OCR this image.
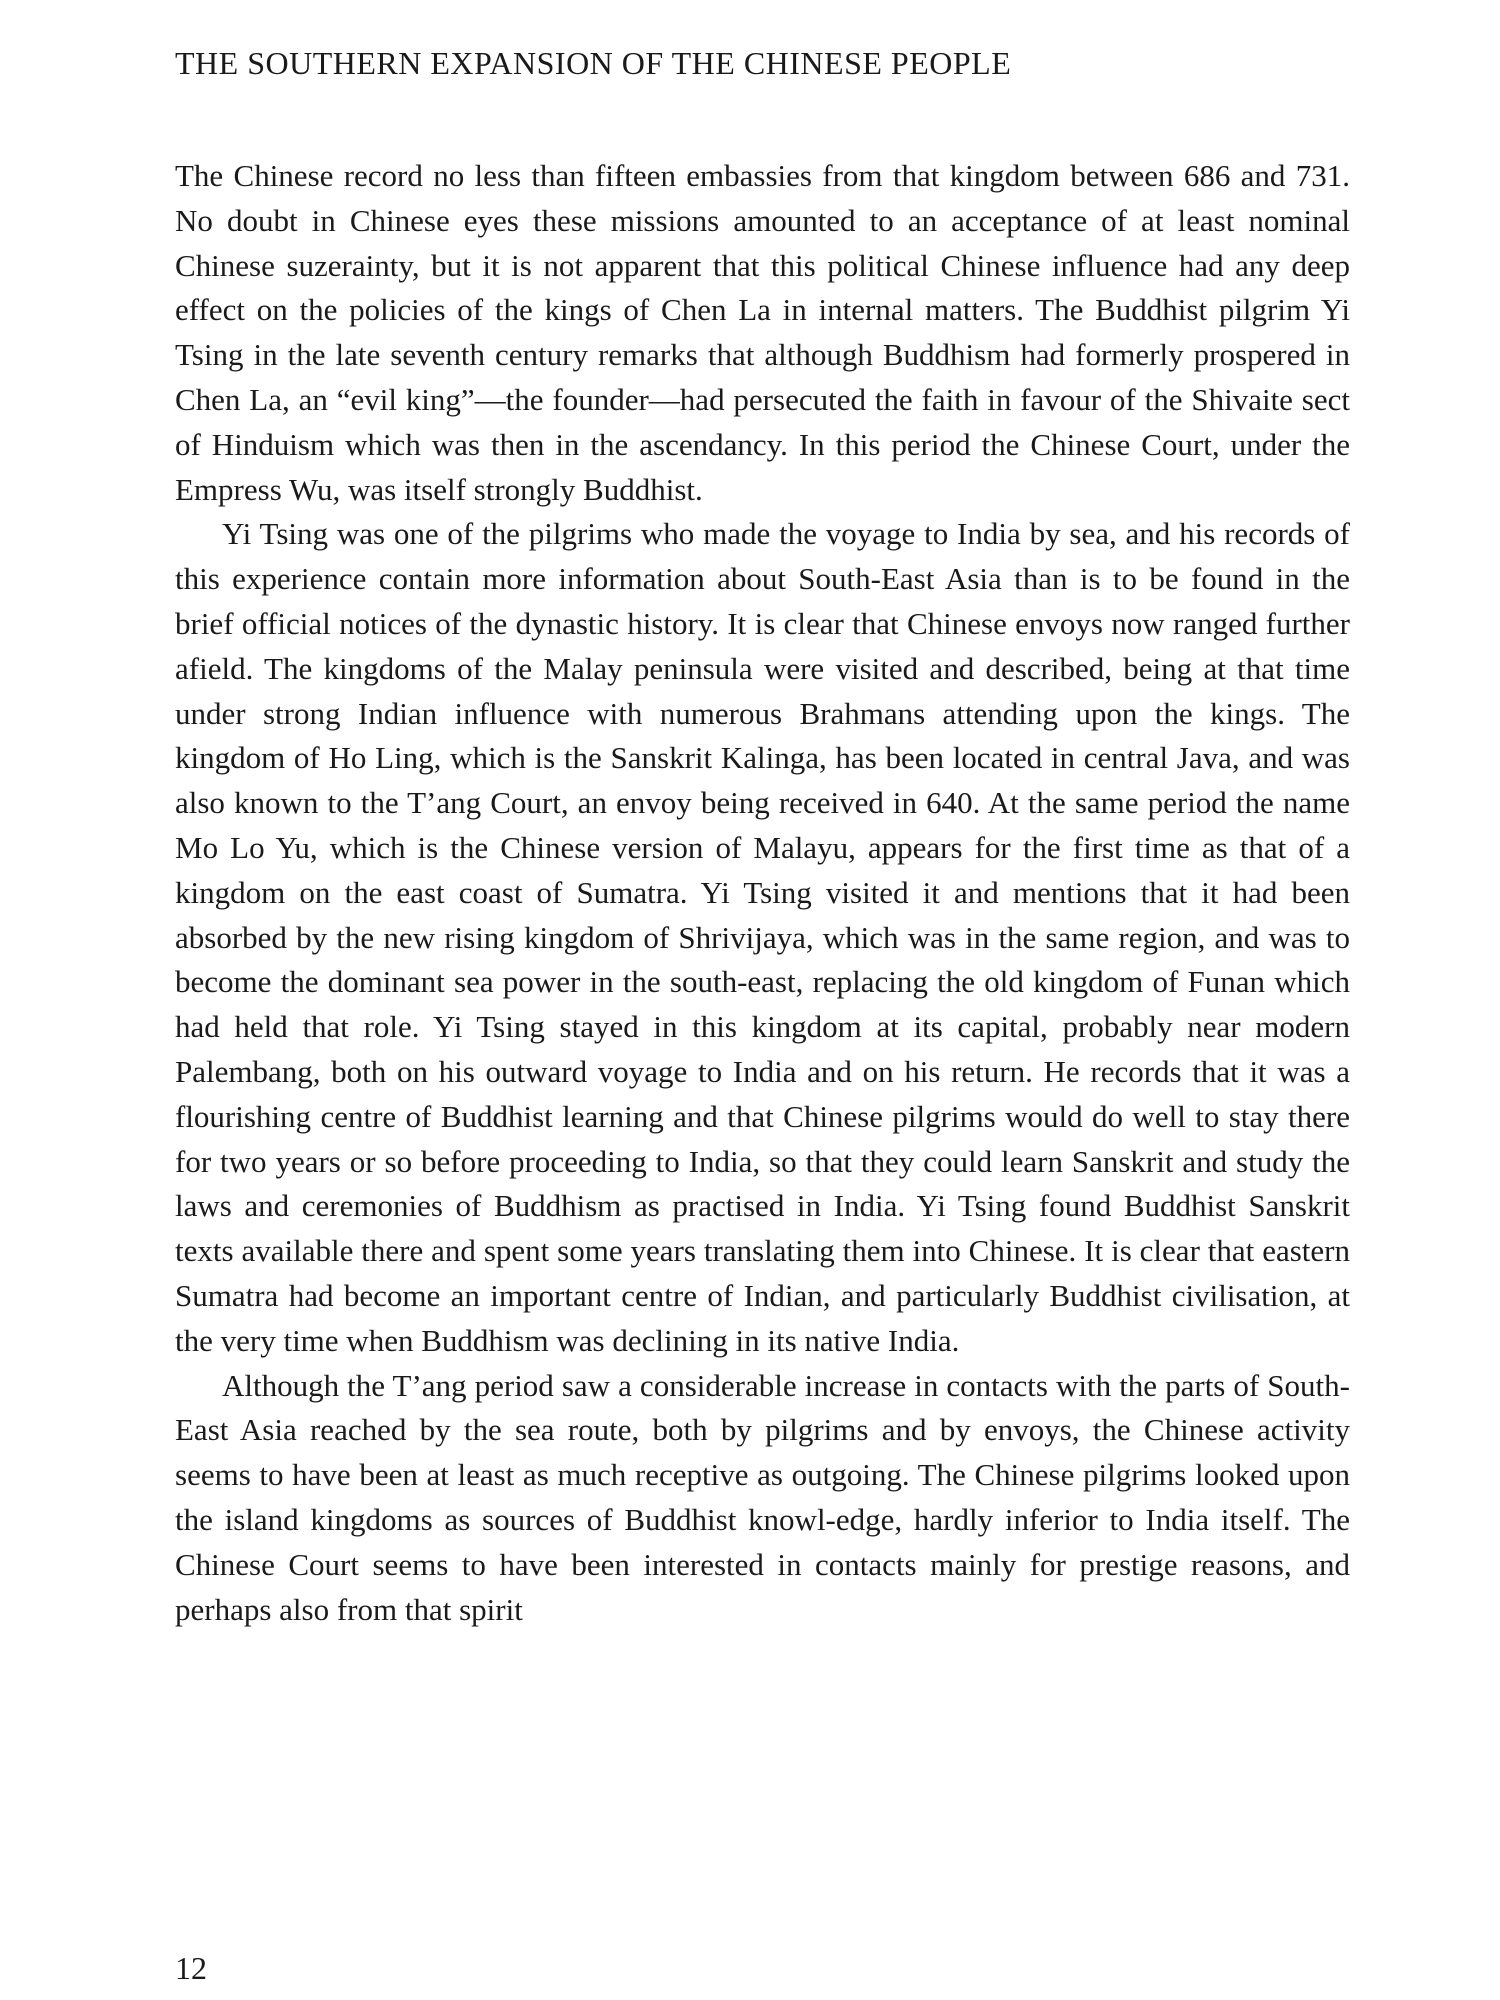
THE SOUTHERN EXPANSION OF THE CHINESE PEOPLE

The Chinese record no less than fifteen embassies from that kingdom between 686 and 731. No doubt in Chinese eyes these missions amounted to an acceptance of at least nominal Chinese suzerainty, but it is not apparent that this political Chinese influence had any deep effect on the policies of the kings of Chen La in internal matters. The Buddhist pilgrim Yi Tsing in the late seventh century remarks that although Buddhism had formerly prospered in Chen La, an “evil king”—the founder—had persecuted the faith in favour of the Shivaite sect of Hinduism which was then in the ascendancy. In this period the Chinese Court, under the Empress Wu, was itself strongly Buddhist.

Yi Tsing was one of the pilgrims who made the voyage to India by sea, and his records of this experience contain more information about South-East Asia than is to be found in the brief official notices of the dynastic history. It is clear that Chinese envoys now ranged further afield. The kingdoms of the Malay peninsula were visited and described, being at that time under strong Indian influence with numerous Brahmans attending upon the kings. The kingdom of Ho Ling, which is the Sanskrit Kalinga, has been located in central Java, and was also known to the T’ang Court, an envoy being received in 640. At the same period the name Mo Lo Yu, which is the Chinese version of Malayu, appears for the first time as that of a kingdom on the east coast of Sumatra. Yi Tsing visited it and mentions that it had been absorbed by the new rising kingdom of Shrivijaya, which was in the same region, and was to become the dominant sea power in the south-east, replacing the old kingdom of Funan which had held that role. Yi Tsing stayed in this kingdom at its capital, probably near modern Palembang, both on his outward voyage to India and on his return. He records that it was a flourishing centre of Buddhist learning and that Chinese pilgrims would do well to stay there for two years or so before proceeding to India, so that they could learn Sanskrit and study the laws and ceremonies of Buddhism as practised in India. Yi Tsing found Buddhist Sanskrit texts available there and spent some years translating them into Chinese. It is clear that eastern Sumatra had become an important centre of Indian, and particularly Buddhist civilisation, at the very time when Buddhism was declining in its native India.

Although the T’ang period saw a considerable increase in contacts with the parts of South-East Asia reached by the sea route, both by pilgrims and by envoys, the Chinese activity seems to have been at least as much receptive as outgoing. The Chinese pilgrims looked upon the island kingdoms as sources of Buddhist knowl-edge, hardly inferior to India itself. The Chinese Court seems to have been interested in contacts mainly for prestige reasons, and perhaps also from that spirit

12
